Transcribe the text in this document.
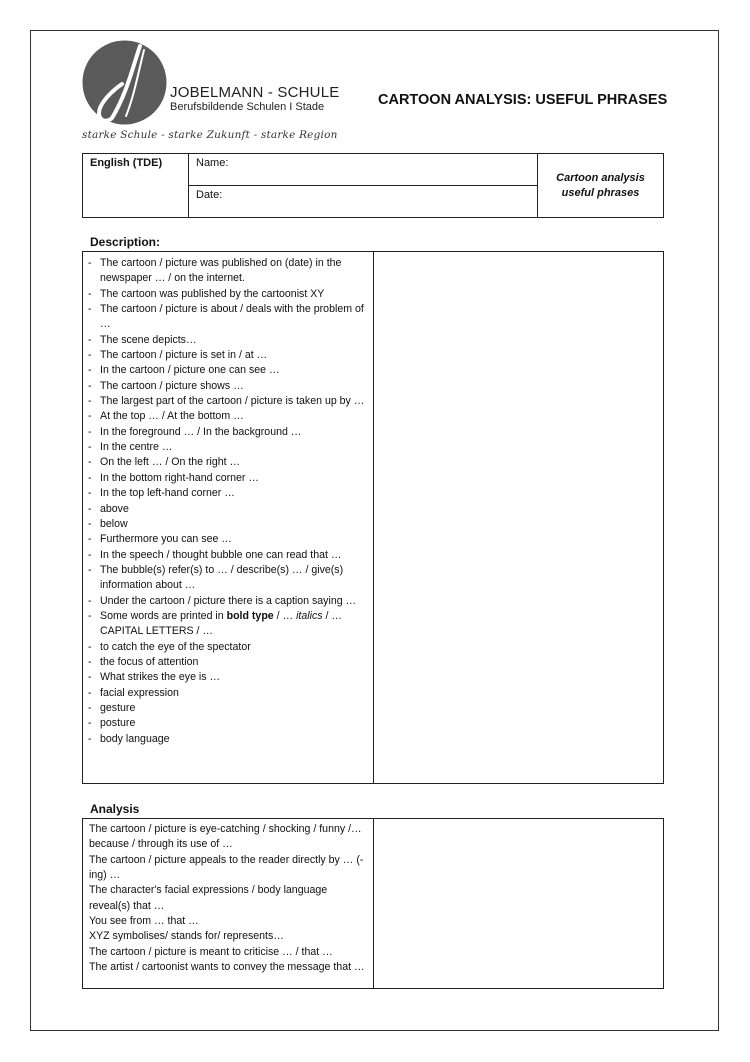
JOBELMANN - SCHULE
Berufsbildende Schulen I Stade
starke Schule - starke Zukunft - starke Region
CARTOON ANALYSIS: USEFUL PHRASES
English (TDE)	Name:
Date:
Cartoon analysis
useful phrases
Description:
- The cartoon / picture was published on (date) in the newspaper … / on the internet.
- The cartoon was published by the cartoonist XY
- The cartoon / picture is about / deals with the problem of …
- The scene depicts…
- The cartoon / picture is set in / at …
- In the cartoon / picture one can see …
- The cartoon / picture shows …
- The largest part of the cartoon / picture is taken up by …
- At the top … / At the bottom …
- In the foreground … / In the background …
- In the centre …
- On the left … / On the right …
- In the bottom right-hand corner …
- In the top left-hand corner …
- above
- below
- Furthermore you can see …
- In the speech / thought bubble one can read that …
- The bubble(s) refer(s) to … / describe(s) … / give(s) information about …
- Under the cartoon / picture there is a caption saying …
- Some words are printed in bold type / … italics / … CAPITAL LETTERS / …
- to catch the eye of the spectator
- the focus of attention
- What strikes the eye is …
- facial expression
- gesture
- posture
- body language
Analysis
The cartoon / picture is eye-catching / shocking / funny /… because / through its use of …
The cartoon / picture appeals to the reader directly by … (-ing) …
The character's facial expressions / body language reveal(s) that …
You see from … that …
XYZ symbolises/ stands for/ represents…
The cartoon / picture is meant to criticise … / that …
The artist / cartoonist wants to convey the message that …
